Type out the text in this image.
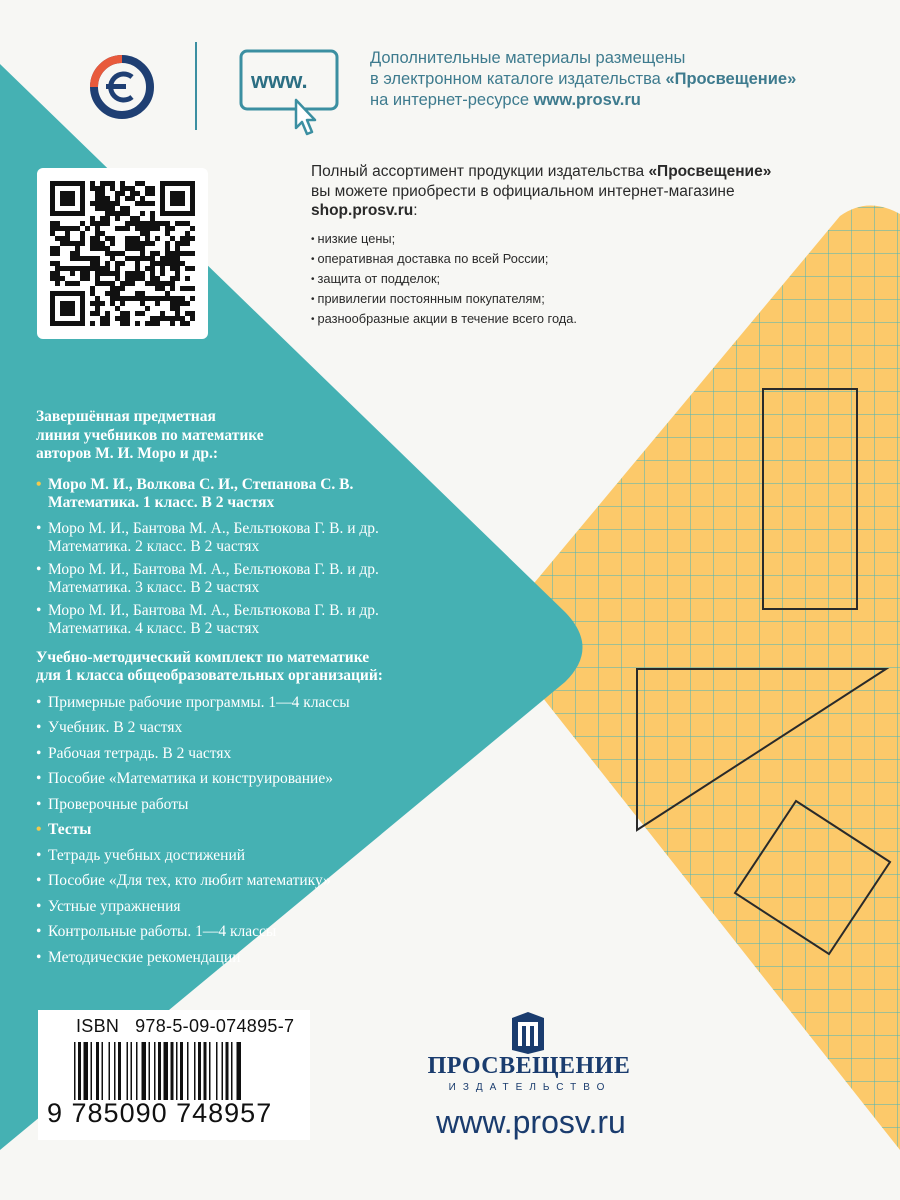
www.
Дополнительные материалы размещены
в электронном каталоге издательства «Просвещение»
на интернет-ресурсе www.prosv.ru
Полный ассортимент продукции издательства «Просвещение»
вы можете приобрести в официальном интернет-магазине
shop.prosv.ru:
• низкие цены;
• оперативная доставка по всей России;
• защита от подделок;
• привилегии постоянным покупателям;
• разнообразные акции в течение всего года.

Завершённая предметная
линия учебников по математике
авторов М. И. Моро и др.:

• Моро М. И., Волкова С. И., Степанова С. В.
Математика. 1 класс. В 2 частях
• Моро М. И., Бантова М. А., Бельтюкова Г. В. и др.
Математика. 2 класс. В 2 частях
• Моро М. И., Бантова М. А., Бельтюкова Г. В. и др.
Математика. 3 класс. В 2 частях
• Моро М. И., Бантова М. А., Бельтюкова Г. В. и др.
Математика. 4 класс. В 2 частях

Учебно-методический комплект по математике
для 1 класса общеобразовательных организаций:

• Примерные рабочие программы. 1—4 классы
• Учебник. В 2 частях
• Рабочая тетрадь. В 2 частях
• Пособие «Математика и конструирование»
• Проверочные работы
• Тесты
• Тетрадь учебных достижений
• Пособие «Для тех, кто любит математику»
• Устные упражнения
• Контрольные работы. 1—4 классы
• Методические рекомендации
ISBN   978-5-09-074895-7
9 785090 748957
ПРОСВЕЩЕНИЕ
ИЗДАТЕЛЬСТВО
www.prosv.ru
